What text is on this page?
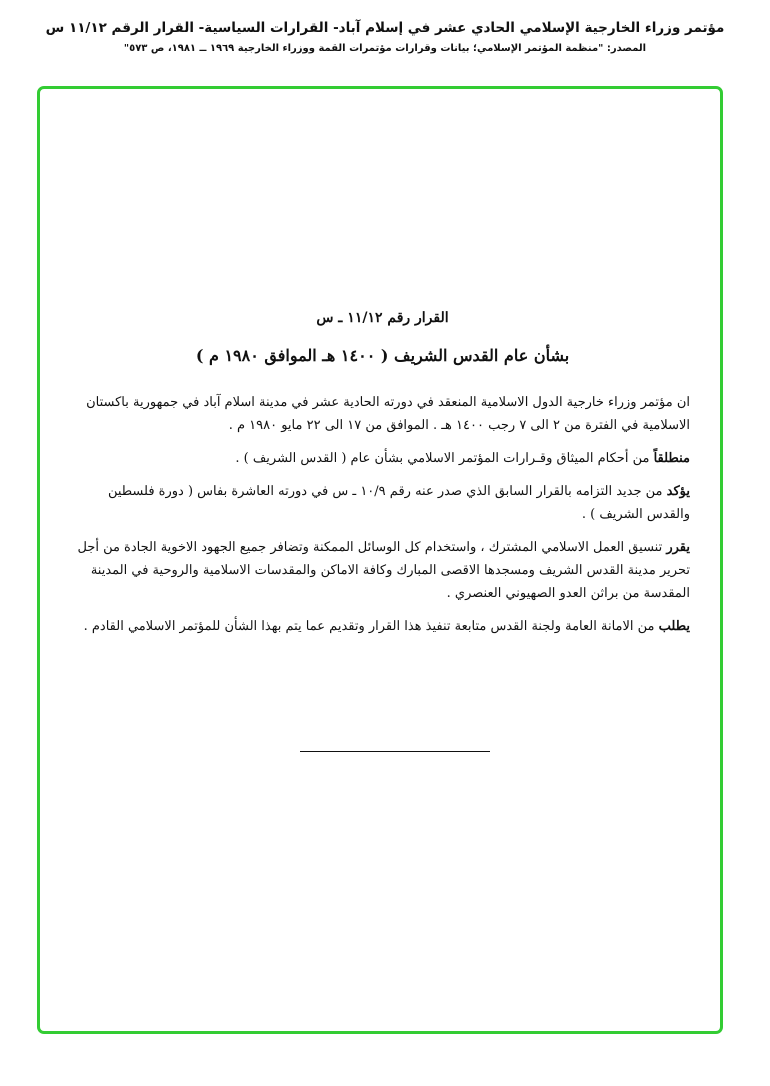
مؤتمر وزراء الخارجية الإسلامي الحادي عشر في إسلام آباد- القرارات السياسية- القرار الرقم ١١/١٢ س
المصدر: "منظمة المؤتمر الإسلامي؛ بيانات وقرارات مؤتمرات القمة ووزراء الخارجية ١٩٦٩ ــ ١٩٨١، ص ٥٧٣"
القرار رقم ١١/١٢ ـ س
بشأن عام القدس الشريف ( ١٤٠٠ هـ الموافق ١٩٨٠ م )

ان مؤتمر وزراء خارجية الدول الاسلامية المنعقد في دورته الحادية عشر في مدينة اسلام آباد في جمهورية باكستان الاسلامية في الفترة من ٢ الى ٧ رجب ١٤٠٠ هـ . الموافق من ١٧ الى ٢٢ مايو ١٩٨٠ م .

منطلقاً من أحكام الميثاق وقـرارات المؤتمر الاسلامي بشأن عام ( القدس الشريف ) .

يؤكد من جديد التزامه بالقرار السابق الذي صدر عنه رقم ١٠/٩ ـ س في دورته العاشرة بفاس ( دورة فلسطين والقدس الشريف ) .

يقرر تنسيق العمل الاسلامي المشترك ، واستخدام كل الوسائل الممكنة وتضافر جميع الجهود الاخوية الجادة من أجل تحرير مدينة القدس الشريف ومسجدها الاقصى المبارك وكافة الاماكن والمقدسات الاسلامية والروحية في المدينة المقدسة من براثن العدو الصهيوني العنصري .

يطلب من الامانة العامة ولجنة القدس متابعة تنفيذ هذا القرار وتقديم عما يتم بهذا الشأن للمؤتمر الاسلامي القادم .
